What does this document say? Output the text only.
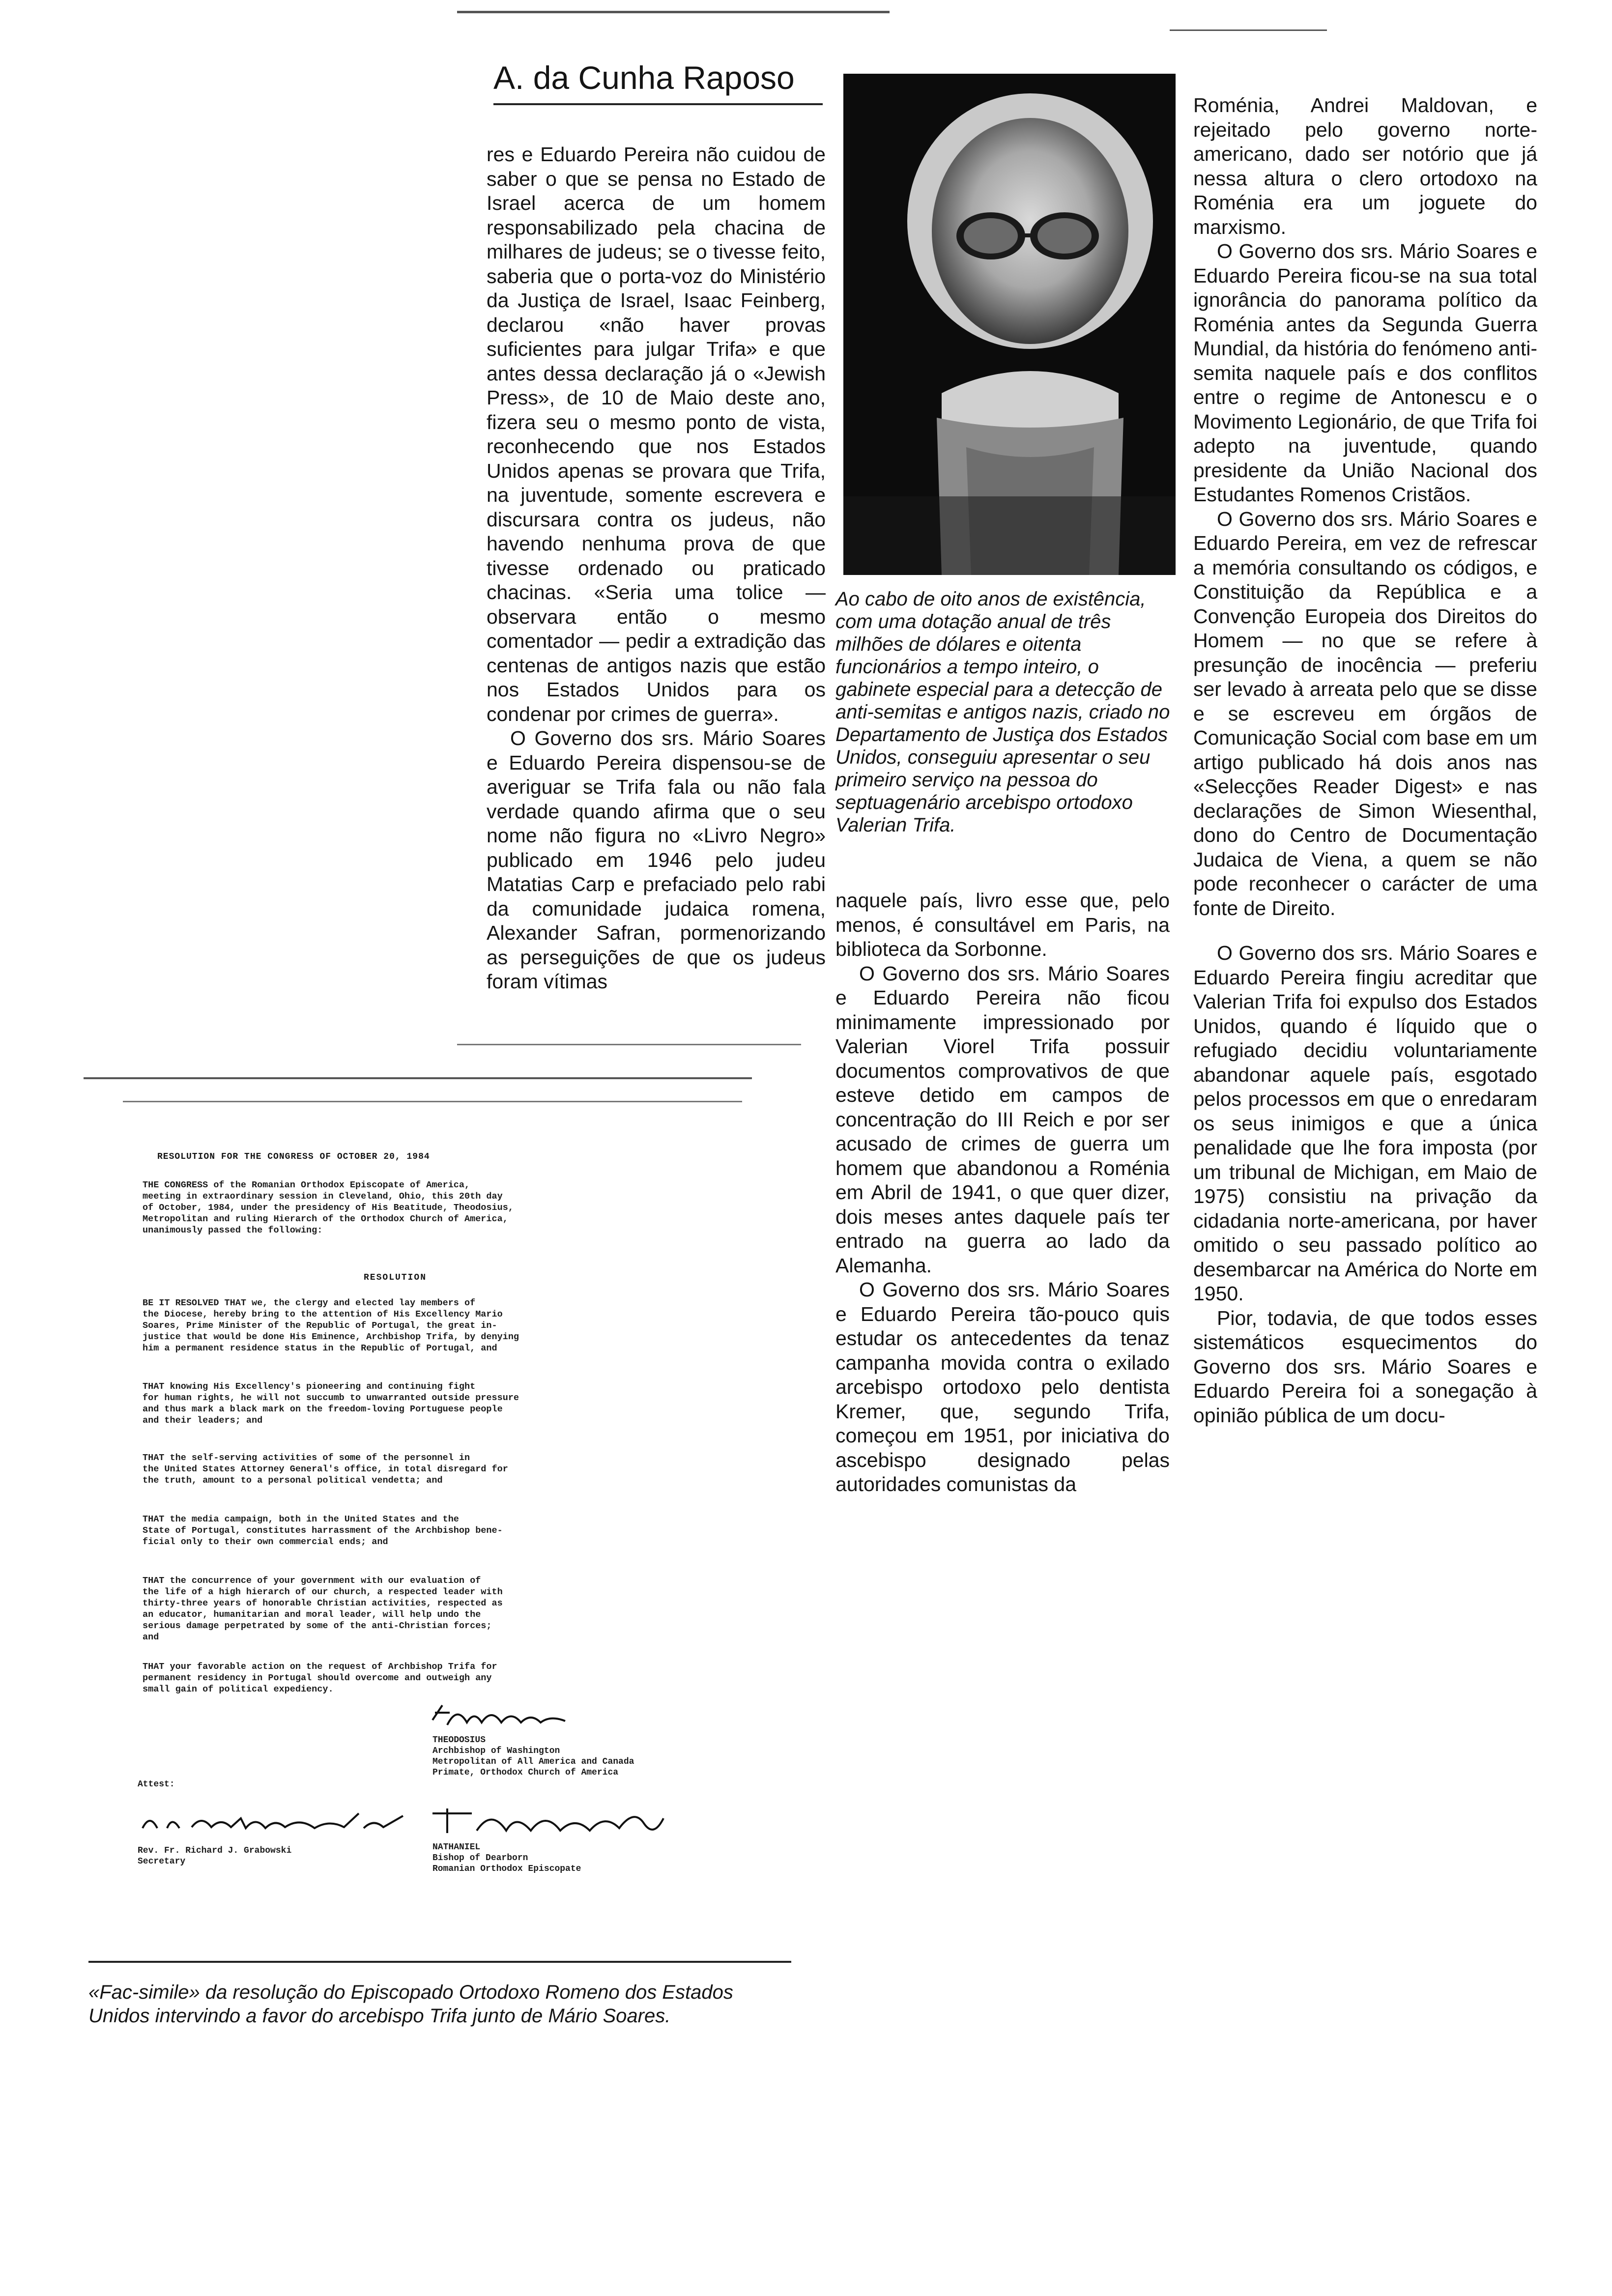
A. da Cunha Raposo

res e Eduardo Pereira não cuidou de saber o que se pensa no Estado de Israel acerca de um homem responsabilizado pela chacina de milhares de judeus; se o tivesse feito, saberia que o porta-voz do Ministério da Justiça de Israel, Isaac Feinberg, declarou «não haver provas suficientes para julgar Trifa» e que antes dessa declaração já o «Jewish Press», de 10 de Maio deste ano, fizera seu o mesmo ponto de vista, reconhecendo que nos Estados Unidos apenas se provara que Trifa, na juventude, somente escrevera e discursara contra os judeus, não havendo nenhuma prova de que tivesse ordenado ou praticado chacinas. «Seria uma tolice — observara então o mesmo comentador — pedir a extradição das centenas de antigos nazis que estão nos Estados Unidos para os condenar por crimes de guerra».

O Governo dos srs. Mário Soares e Eduardo Pereira dispensou-se de averiguar se Trifa fala ou não fala verdade quando afirma que o seu nome não figura no «Livro Negro» publicado em 1946 pelo judeu Matatias Carp e prefaciado pelo rabi da comunidade judaica romena, Alexander Safran, pormenorizando as perseguições de que os judeus foram vítimas

Ao cabo de oito anos de existência, com uma dotação anual de três milhões de dólares e oitenta funcionários a tempo inteiro, o gabinete especial para a detecção de anti-semitas e antigos nazis, criado no Departamento de Justiça dos Estados Unidos, conseguiu apresentar o seu primeiro serviço na pessoa do septuagenário arcebispo ortodoxo Valerian Trifa.

naquele país, livro esse que, pelo menos, é consultável em Paris, na biblioteca da Sorbonne.

O Governo dos srs. Mário Soares e Eduardo Pereira não ficou minimamente impressionado por Valerian Viorel Trifa possuir documentos comprovativos de que esteve detido em campos de concentração do III Reich e por ser acusado de crimes de guerra um homem que abandonou a Roménia em Abril de 1941, o que quer dizer, dois meses antes daquele país ter entrado na guerra ao lado da Alemanha.

O Governo dos srs. Mário Soares e Eduardo Pereira tão-pouco quis estudar os antecedentes da tenaz campanha movida contra o exilado arcebispo ortodoxo pelo dentista Kremer, que, segundo Trifa, começou em 1951, por iniciativa do ascebispo designado pelas autoridades comunistas da

Roménia, Andrei Maldovan, e rejeitado pelo governo norte-americano, dado ser notório que já nessa altura o clero ortodoxo na Roménia era um joguete do marxismo.

O Governo dos srs. Mário Soares e Eduardo Pereira ficou-se na sua total ignorância do panorama político da Roménia antes da Segunda Guerra Mundial, da história do fenómeno anti-semita naquele país e dos conflitos entre o regime de Antonescu e o Movimento Legionário, de que Trifa foi adepto na juventude, quando presidente da União Nacional dos Estudantes Romenos Cristãos.

O Governo dos srs. Mário Soares e Eduardo Pereira, em vez de refrescar a memória consultando os códigos, e Constituição da República e a Convenção Europeia dos Direitos do Homem — no que se refere à presunção de inocência — preferiu ser levado à arreata pelo que se disse e se escreveu em órgãos de Comunicação Social com base em um artigo publicado há dois anos nas «Selecções Reader Digest» e nas declarações de Simon Wiesenthal, dono do Centro de Documentação Judaica de Viena, a quem se não pode reconhecer o carácter de uma fonte de Direito.

O Governo dos srs. Mário Soares e Eduardo Pereira fingiu acreditar que Valerian Trifa foi expulso dos Estados Unidos, quando é líquido que o refugiado decidiu voluntariamente abandonar aquele país, esgotado pelos processos em que o enredaram os seus inimigos e que a única penalidade que lhe fora imposta (por um tribunal de Michigan, em Maio de 1975) consistiu na privação da cidadania norte-americana, por haver omitido o seu passado político ao desembarcar na América do Norte em 1950.

Pior, todavia, de que todos esses sistemáticos esquecimentos do Governo dos srs. Mário Soares e Eduardo Pereira foi a sonegação à opinião pública de um docu-

RESOLUTION FOR THE CONGRESS OF OCTOBER 20, 1984
THE CONGRESS of the Romanian Orthodox Episcopate of America,
meeting in extraordinary session in Cleveland, Ohio, this 20th day
of October, 1984, under the presidency of His Beatitude, Theodosius,
Metropolitan and ruling Hierarch of the Orthodox Church of America,
unanimously passed the following:
RESOLUTION
BE IT RESOLVED THAT we, the clergy and elected lay members of
the Diocese, hereby bring to the attention of His Excellency Mario
Soares, Prime Minister of the Republic of Portugal, the great in-
justice that would be done His Eminence, Archbishop Trifa, by denying
him a permanent residence status in the Republic of Portugal, and
THAT knowing His Excellency's pioneering and continuing fight
for human rights, he will not succumb to unwarranted outside pressure
and thus mark a black mark on the freedom-loving Portuguese people
and their leaders; and
THAT the self-serving activities of some of the personnel in
the United States Attorney General's office, in total disregard for
the truth, amount to a personal political vendetta; and
THAT the media campaign, both in the United States and the
State of Portugal, constitutes harrassment of the Archbishop bene-
ficial only to their own commercial ends; and
THAT the concurrence of your government with our evaluation of
the life of a high hierarch of our church, a respected leader with
thirty-three years of honorable Christian activities, respected as
an educator, humanitarian and moral leader, will help undo the
serious damage perpetrated by some of the anti-Christian forces;
and
THAT your favorable action on the request of Archbishop Trifa for
permanent residency in Portugal should overcome and outweigh any
small gain of political expediency.
THEODOSIUS
Archbishop of Washington
Metropolitan of All America and Canada
Primate, Orthodox Church of America
Attest:
Rev. Fr. Richard J. Grabowski
Secretary
NATHANIEL
Bishop of Dearborn
Romanian Orthodox Episcopate
«Fac-simile» da resolução do Episcopado Ortodoxo Romeno dos Estados Unidos intervindo a favor do arcebispo Trifa junto de Mário Soares.
